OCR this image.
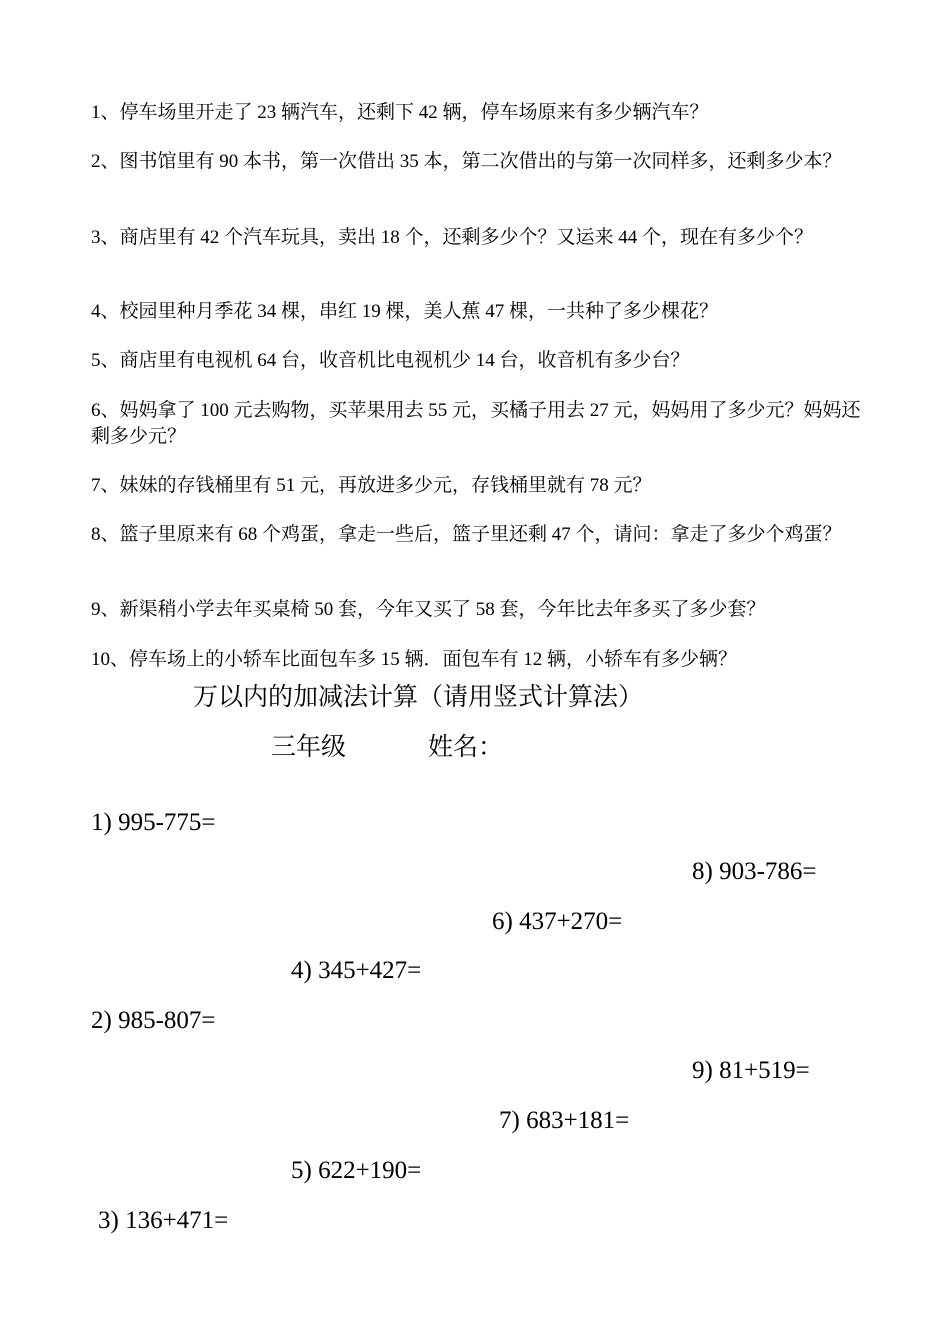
1、停车场里开走了 23 辆汽车，还剩下 42 辆，停车场原来有多少辆汽车？

2、图书馆里有 90 本书，第一次借出 35 本，第二次借出的与第一次同样多，还剩多少本？

3、商店里有 42 个汽车玩具，卖出 18 个，还剩多少个？又运来 44 个，现在有多少个？

4、校园里种月季花 34 棵，串红 19 棵，美人蕉 47 棵，一共种了多少棵花？

5、商店里有电视机 64 台，收音机比电视机少 14 台，收音机有多少台？

6、妈妈拿了 100 元去购物，买苹果用去 55 元，买橘子用去 27 元，妈妈用了多少元？妈妈还剩多少元？

7、妹妹的存钱桶里有 51 元，再放进多少元，存钱桶里就有 78 元？

8、篮子里原来有 68 个鸡蛋，拿走一些后，篮子里还剩 47 个，请问：拿走了多少个鸡蛋？

9、新渠稍小学去年买桌椅 50 套，今年又买了 58 套，今年比去年多买了多少套？

10、停车场上的小轿车比面包车多 15 辆．面包车有 12 辆，小轿车有多少辆？

万以内的加减法计算（请用竖式计算法）
三年级	姓名：
1) 995-775=
8) 903-786=
6) 437+270=
4) 345+427=
2) 985-807=
9) 81+519=
7) 683+181=
5) 622+190=
3) 136+471=
